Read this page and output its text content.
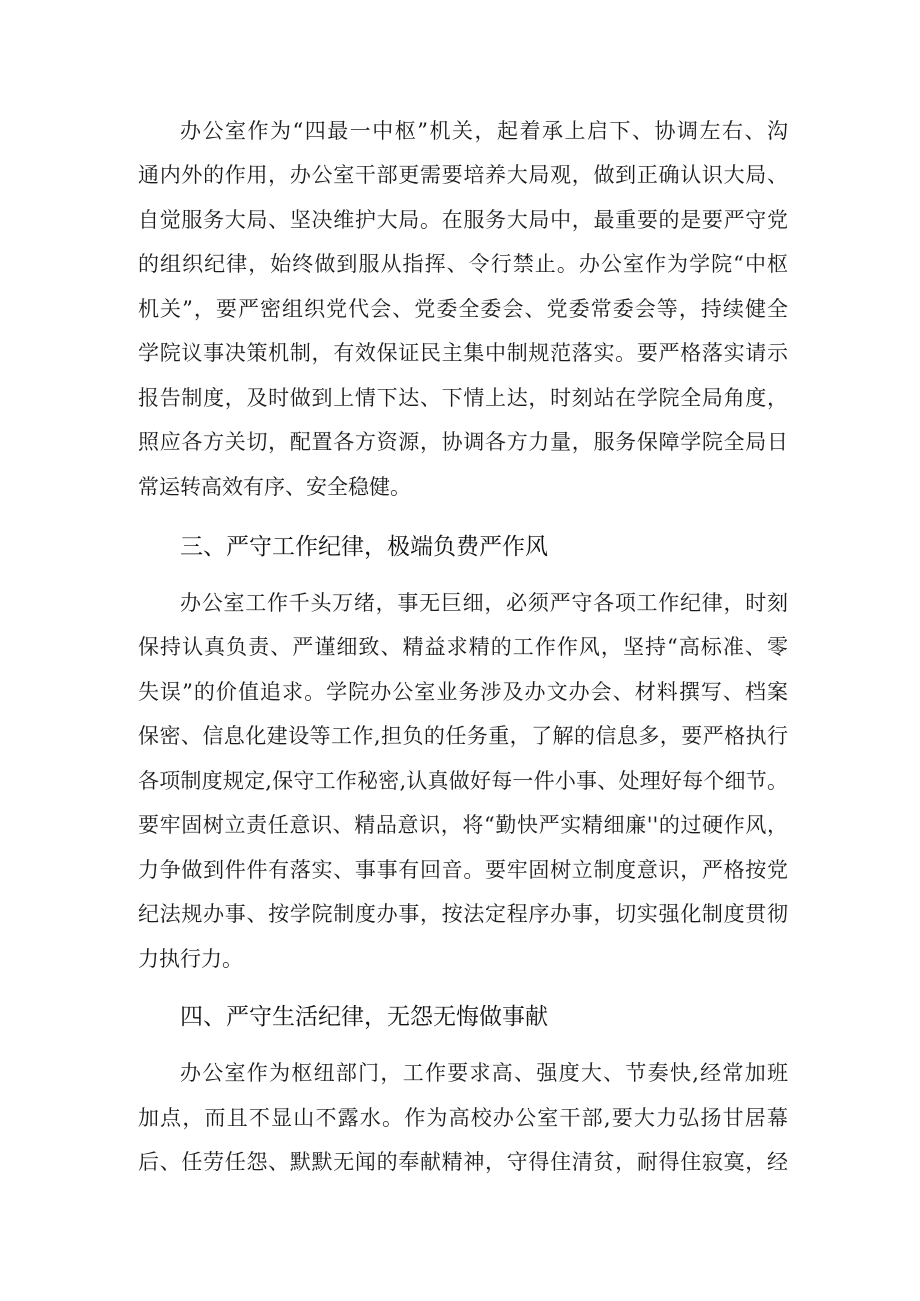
办公室作为“四最一中枢”机关，起着承上启下、协调左右、沟
通内外的作用，办公室干部更需要培养大局观，做到正确认识大局、
自觉服务大局、坚决维护大局。在服务大局中，最重要的是要严守党
的组织纪律，始终做到服从指挥、令行禁止。办公室作为学院“中枢
机关”，要严密组织党代会、党委全委会、党委常委会等，持续健全
学院议事决策机制，有效保证民主集中制规范落实。要严格落实请示
报告制度，及时做到上情下达、下情上达，时刻站在学院全局角度，
照应各方关切，配置各方资源，协调各方力量，服务保障学院全局日
常运转高效有序、安全稳健。
三、严守工作纪律，极端负费严作风
办公室工作千头万绪，事无巨细，必须严守各项工作纪律，时刻
保持认真负责、严谨细致、精益求精的工作作风，坚持“高标准、零
失误”的价值追求。学院办公室业务涉及办文办会、材料撰写、档案
保密、信息化建设等工作,担负的任务重，了解的信息多，要严格执行
各项制度规定,保守工作秘密,认真做好每一件小事、处理好每个细节。
要牢固树立责任意识、精品意识，将“勤快严实精细廉''的过硬作风，
力争做到件件有落实、事事有回音。要牢固树立制度意识，严格按党
纪法规办事、按学院制度办事，按法定程序办事，切实强化制度贯彻
力执行力。
四、严守生活纪律，无怨无悔做事献
办公室作为枢纽部门，工作要求高、强度大、节奏快,经常加班
加点，而且不显山不露水。作为高校办公室干部,要大力弘扬甘居幕
后、任劳任怨、默默无闻的奉献精神，守得住清贫，耐得住寂寞，经
